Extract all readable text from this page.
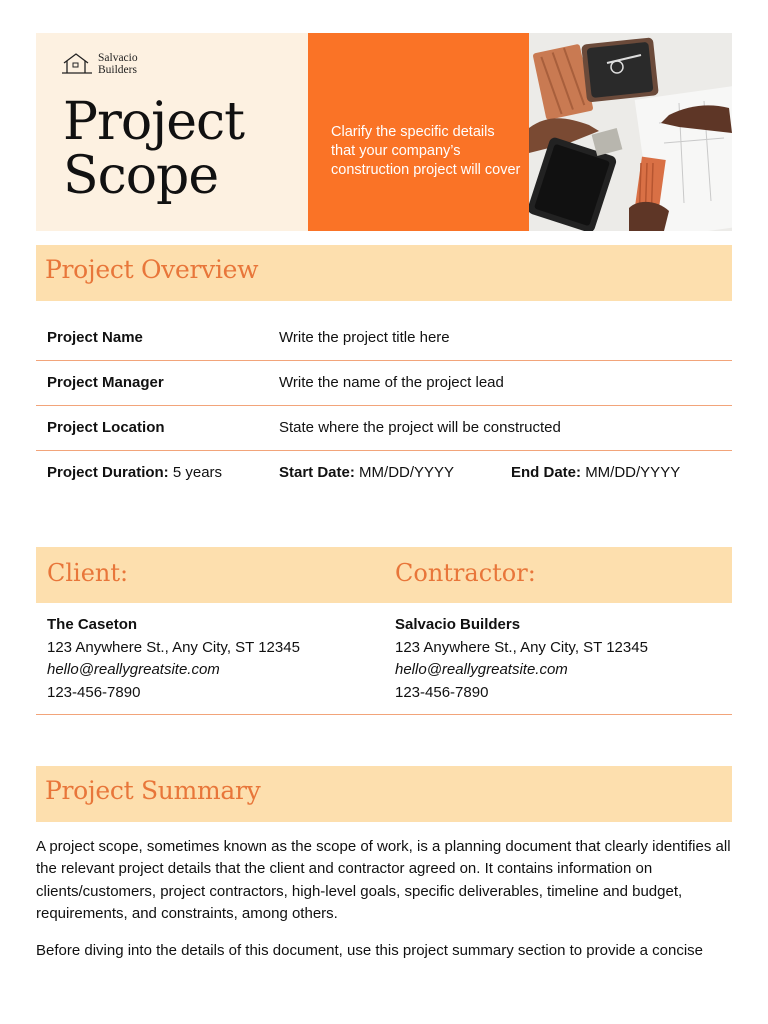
Salvacio
Builders
Project
Scope
Clarify the specific details that your company’s construction project will cover
Project Overview
Project Name	Write the project title here
Project Manager	Write the name of the project lead
Project Location	State where the project will be constructed
Project Duration: 5 years	Start Date: MM/DD/YYYY	End Date: MM/DD/YYYY
Client:	Contractor:
The Caseton
123 Anywhere St., Any City, ST 12345
hello@reallygreatsite.com
123-456-7890
Salvacio Builders
123 Anywhere St., Any City, ST 12345
hello@reallygreatsite.com
123-456-7890
Project Summary

A project scope, sometimes known as the scope of work, is a planning document that clearly identifies all the relevant project details that the client and contractor agreed on. It contains information on clients/customers, project contractors, high-level goals, specific deliverables, timeline and budget, requirements, and constraints, among others.

Before diving into the details of this document, use this project summary section to provide a concise
